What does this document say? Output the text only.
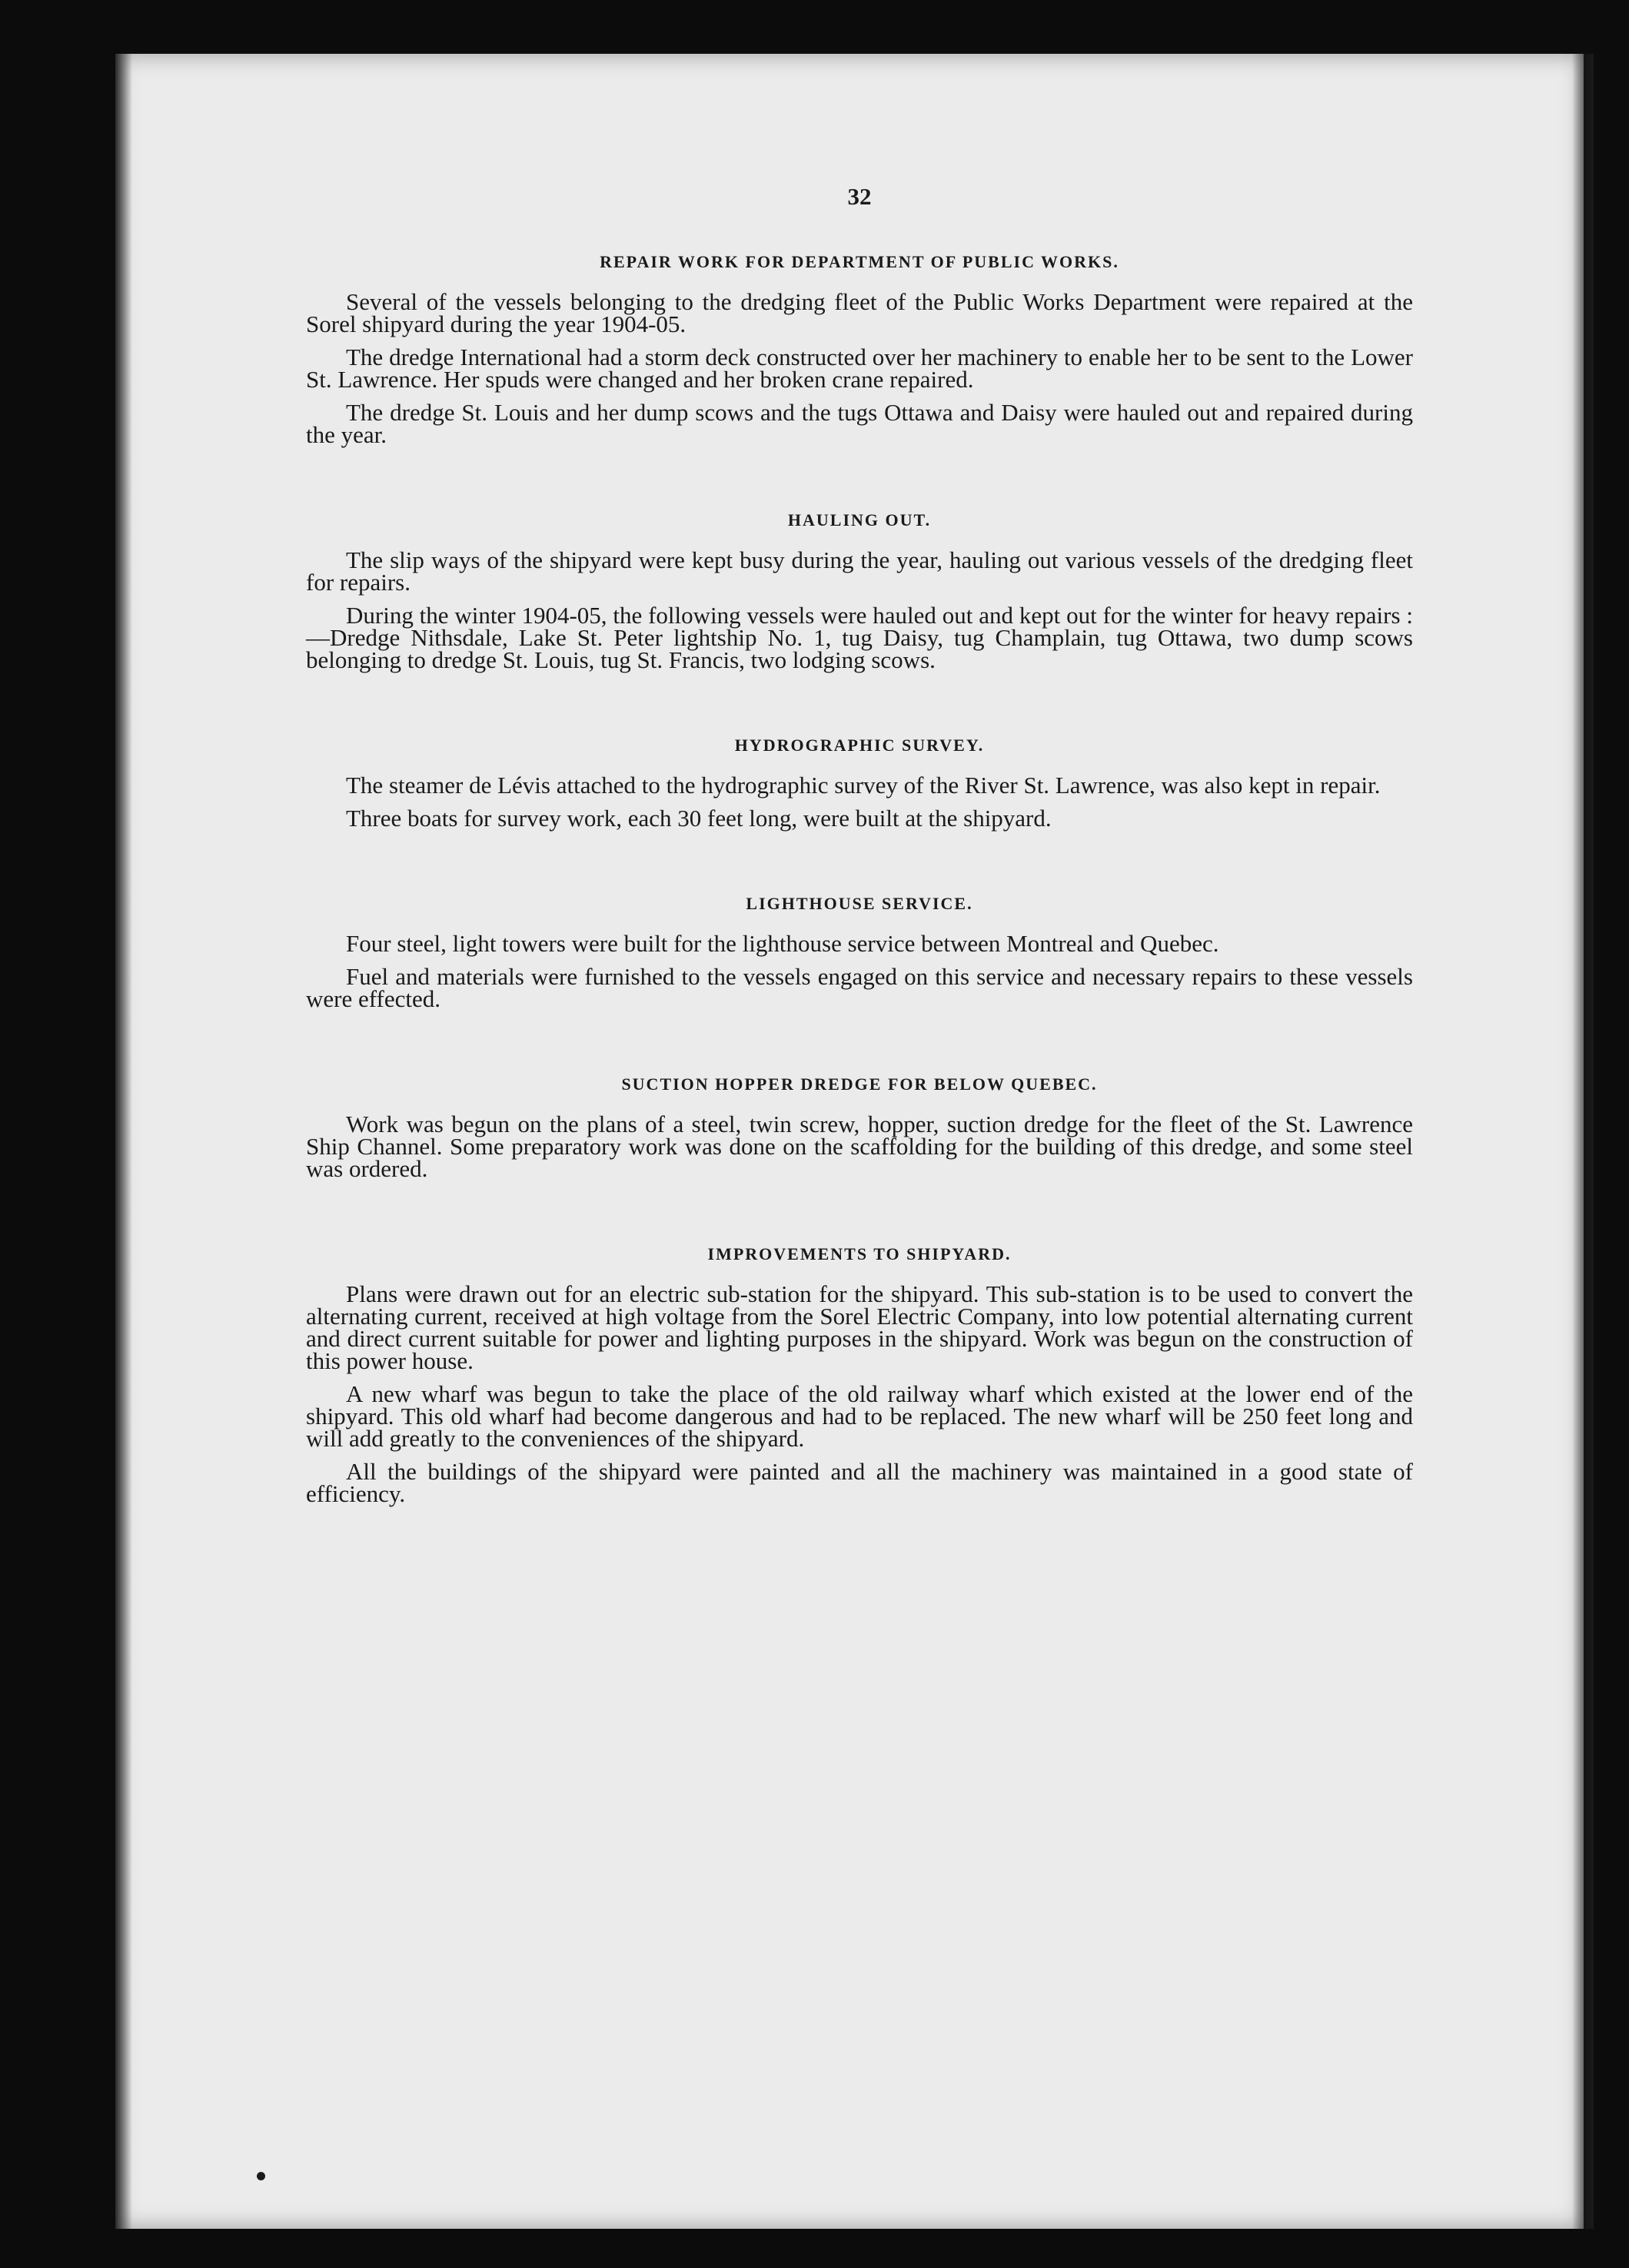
32
REPAIR WORK FOR DEPARTMENT OF PUBLIC WORKS.

Several of the vessels belonging to the dredging fleet of the Public Works Department were repaired at the Sorel shipyard during the year 1904-05.

The dredge International had a storm deck constructed over her machinery to enable her to be sent to the Lower St. Lawrence. Her spuds were changed and her broken crane repaired.

The dredge St. Louis and her dump scows and the tugs Ottawa and Daisy were hauled out and repaired during the year.

HAULING OUT.

The slip ways of the shipyard were kept busy during the year, hauling out various vessels of the dredging fleet for repairs.

During the winter 1904-05, the following vessels were hauled out and kept out for the winter for heavy repairs :—Dredge Nithsdale, Lake St. Peter lightship No. 1, tug Daisy, tug Champlain, tug Ottawa, two dump scows belonging to dredge St. Louis, tug St. Francis, two lodging scows.

HYDROGRAPHIC SURVEY.

The steamer de Lévis attached to the hydrographic survey of the River St. Lawrence, was also kept in repair.

Three boats for survey work, each 30 feet long, were built at the shipyard.

LIGHTHOUSE SERVICE.

Four steel, light towers were built for the lighthouse service between Montreal and Quebec.

Fuel and materials were furnished to the vessels engaged on this service and necessary repairs to these vessels were effected.

SUCTION HOPPER DREDGE FOR BELOW QUEBEC.

Work was begun on the plans of a steel, twin screw, hopper, suction dredge for the fleet of the St. Lawrence Ship Channel. Some preparatory work was done on the scaffolding for the building of this dredge, and some steel was ordered.

IMPROVEMENTS TO SHIPYARD.

Plans were drawn out for an electric sub-station for the shipyard. This sub-station is to be used to convert the alternating current, received at high voltage from the Sorel Electric Company, into low potential alternating current and direct current suitable for power and lighting purposes in the shipyard. Work was begun on the construction of this power house.

A new wharf was begun to take the place of the old railway wharf which existed at the lower end of the shipyard. This old wharf had become dangerous and had to be replaced. The new wharf will be 250 feet long and will add greatly to the conveniences of the shipyard.

All the buildings of the shipyard were painted and all the machinery was maintained in a good state of efficiency.
